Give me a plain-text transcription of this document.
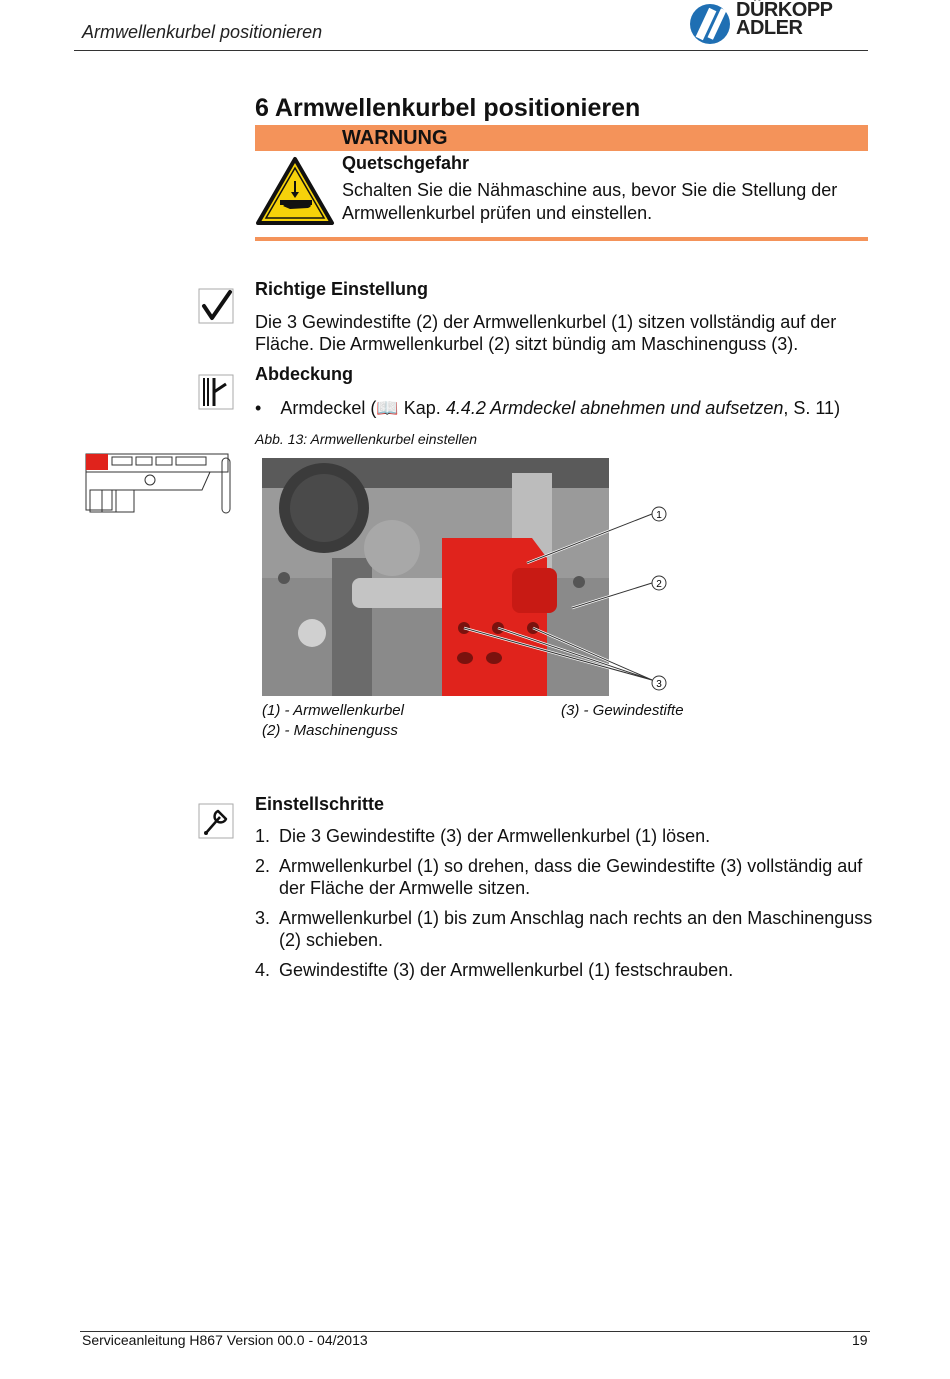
Armwellenkurbel positionieren
DÜRKOPP
ADLER
6 Armwellenkurbel positionieren
WARNUNG
Quetschgefahr
Schalten Sie die Nähmaschine aus, bevor Sie die Stellung der Armwellenkurbel prüfen und einstellen.
Richtige Einstellung
Die 3 Gewindestifte (2) der Armwellenkurbel (1) sitzen vollständig auf der Fläche. Die Armwellenkurbel (2) sitzt bündig am Maschinenguss (3).
Abdeckung
• Armdeckel (📖 Kap. 4.4.2 Armdeckel abnehmen und aufsetzen, S. 11)
Abb. 13: Armwellenkurbel einstellen
1
2
3
(1) - Armwellenkurbel
(2) - Maschinenguss
(3) - Gewindestifte
Einstellschritte
1. Die 3 Gewindestifte (3) der Armwellenkurbel (1) lösen.
2. Armwellenkurbel (1) so drehen, dass die Gewindestifte (3) vollständig auf der Fläche der Armwelle sitzen.
3. Armwellenkurbel (1) bis zum Anschlag nach rechts an den Maschinenguss (2) schieben.
4. Gewindestifte (3) der Armwellenkurbel (1) festschrauben.
Serviceanleitung H867 Version 00.0 - 04/2013	19
